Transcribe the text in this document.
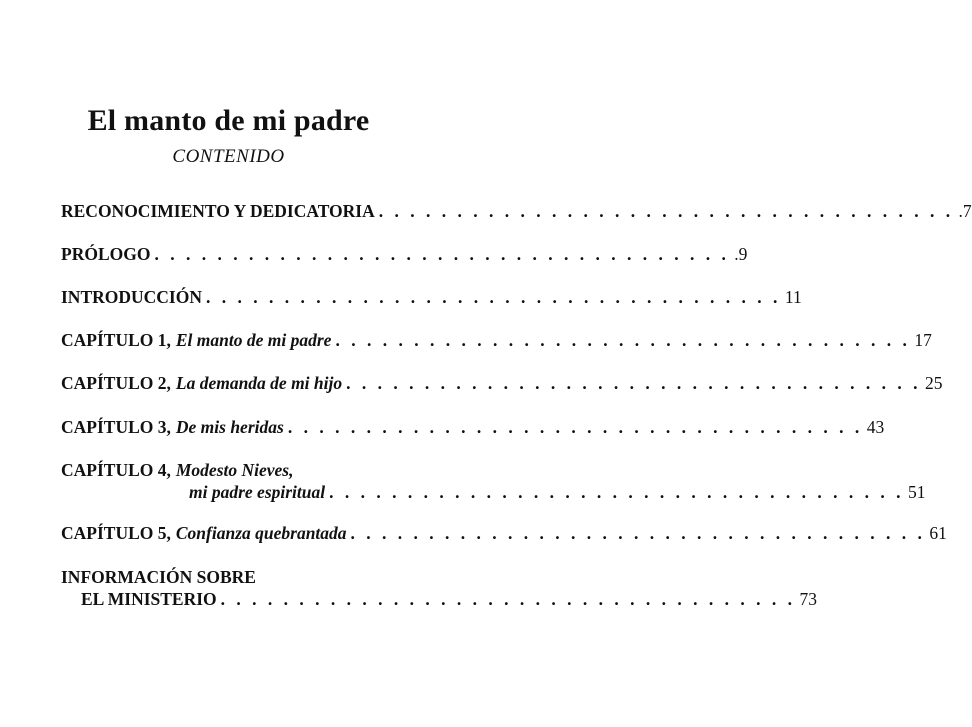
El manto de mi padre
CONTENIDO
RECONOCIMIENTO Y DEDICATORIA . . . . . . . . . . . . . . . . . . . . . . . . . . . . . . . . . . . . . .7
PRÓLOGO . . . . . . . . . . . . . . . . . . . . . . . . . . . . . . . . . . . . . .9
INTRODUCCIÓN . . . . . . . . . . . . . . . . . . . . . . . . . . . . . . . . . . . . . 11
CAPÍTULO 1, El manto de mi padre . . . . . . . . . . . . . . . . . . . . . . . . . . . . . . . . . . . . . 17
CAPÍTULO 2, La demanda de mi hijo . . . . . . . . . . . . . . . . . . . . . . . . . . . . . . . . . . . . . 25
CAPÍTULO 3, De mis heridas . . . . . . . . . . . . . . . . . . . . . . . . . . . . . . . . . . . . . 43
CAPÍTULO 4, Modesto Nieves,
mi padre espiritual . . . . . . . . . . . . . . . . . . . . . . . . . . . . . . . . . . . . . 51
CAPÍTULO 5, Confianza quebrantada . . . . . . . . . . . . . . . . . . . . . . . . . . . . . . . . . . . . . 61
INFORMACIÓN SOBRE
EL MINISTERIO . . . . . . . . . . . . . . . . . . . . . . . . . . . . . . . . . . . . . 73
